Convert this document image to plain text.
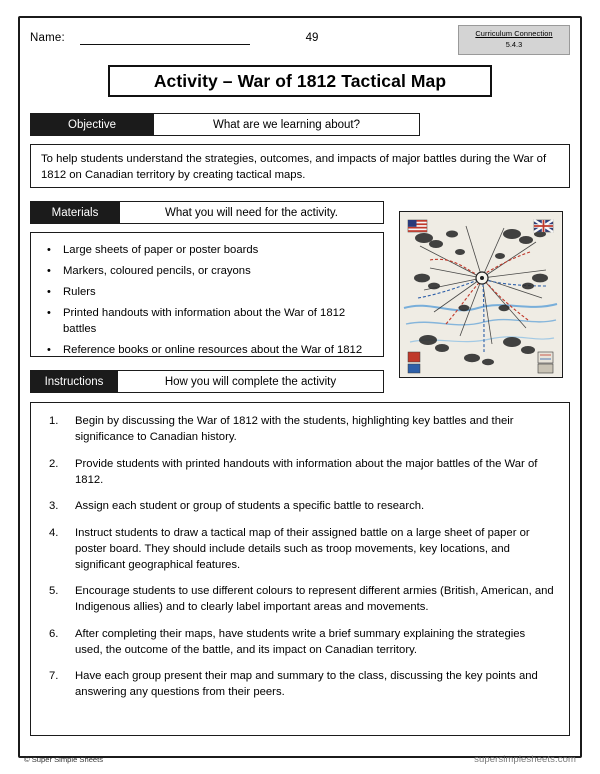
Name:	49	Curriculum Connection
5.4.3
Activity – War of 1812 Tactical Map
Objective	What are we learning about?
To help students understand the strategies, outcomes, and impacts of major battles during the War of 1812 on Canadian territory by creating tactical maps.
Materials	What you will need for the activity.
• Large sheets of paper or poster boards
• Markers, coloured pencils, or crayons
• Rulers
• Printed handouts with information about the War of 1812 battles
• Reference books or online resources about the War of 1812
Instructions	How you will complete the activity
1.	Begin by discussing the War of 1812 with the students, highlighting key battles and their significance to Canadian history.
2.	Provide students with printed handouts with information about the major battles of the War of 1812.
3.	Assign each student or group of students a specific battle to research.
4.	Instruct students to draw a tactical map of their assigned battle on a large sheet of paper or poster board. They should include details such as troop movements, key locations, and significant geographical features.
5.	Encourage students to use different colours to represent different armies (British, American, and Indigenous allies) and to clearly label important areas and movements.
6.	After completing their maps, have students write a brief summary explaining the strategies used, the outcome of the battle, and its impact on Canadian territory.
7.	Have each group present their map and summary to the class, discussing the key points and answering any questions from their peers.
© Super Simple Sheets	supersimplesheets.com
